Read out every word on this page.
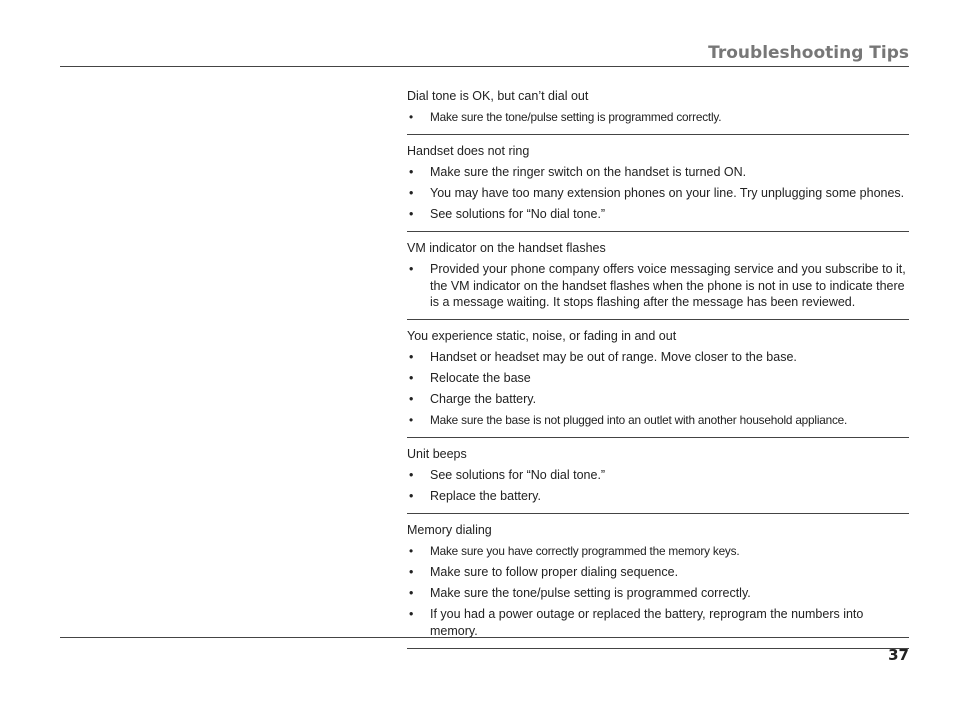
Troubleshooting Tips
Dial tone is OK, but can’t dial out
• Make sure the tone/pulse setting is programmed correctly.
Handset does not ring
• Make sure the ringer switch on the handset is turned ON.
• You may have too many extension phones on your line. Try unplugging some phones.
• See solutions for “No dial tone.”
VM indicator on the handset flashes
• Provided your phone company offers voice messaging service and you subscribe to it, the VM indicator on the handset flashes when the phone is not in use to indicate there is a message waiting. It stops flashing after the message has been reviewed.
You experience static, noise, or fading in and out
• Handset or headset may be out of range. Move closer to the base.
• Relocate the base
• Charge the battery.
• Make sure the base is not plugged into an outlet with another household appliance.
Unit beeps
• See solutions for “No dial tone.”
• Replace the battery.
Memory dialing
• Make sure you have correctly programmed the memory keys.
• Make sure to follow proper dialing sequence.
• Make sure the tone/pulse setting is programmed correctly.
• If you had a power outage or replaced the battery, reprogram the numbers into memory.
37
